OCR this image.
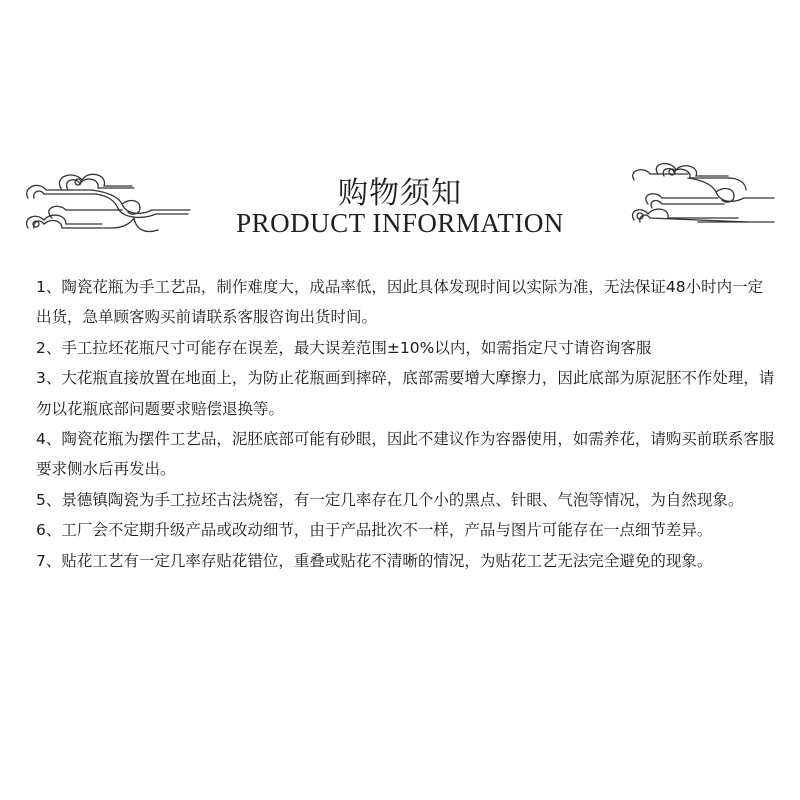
购物须知
PRODUCT INFORMATION

1、陶瓷花瓶为手工艺品，制作难度大，成品率低，因此具体发现时间以实际为准，无法保证48小时内一定出货，急单顾客购买前请联系客服咨询出货时间。

2、手工拉坯花瓶尺寸可能存在误差，最大误差范围±10%以内，如需指定尺寸请咨询客服

3、大花瓶直接放置在地面上，为防止花瓶画到摔碎，底部需要增大摩擦力，因此底部为原泥胚不作处理，请勿以花瓶底部问题要求赔偿退换等。

4、陶瓷花瓶为摆件工艺品，泥胚底部可能有砂眼，因此不建议作为容器使用，如需养花，请购买前联系客服要求侧水后再发出。

5、景德镇陶瓷为手工拉坯古法烧窑，有一定几率存在几个小的黑点、针眼、气泡等情况，为自然现象。

6、工厂会不定期升级产品或改动细节，由于产品批次不一样，产品与图片可能存在一点细节差异。

7、贴花工艺有一定几率存贴花错位，重叠或贴花不清晰的情况，为贴花工艺无法完全避免的现象。
